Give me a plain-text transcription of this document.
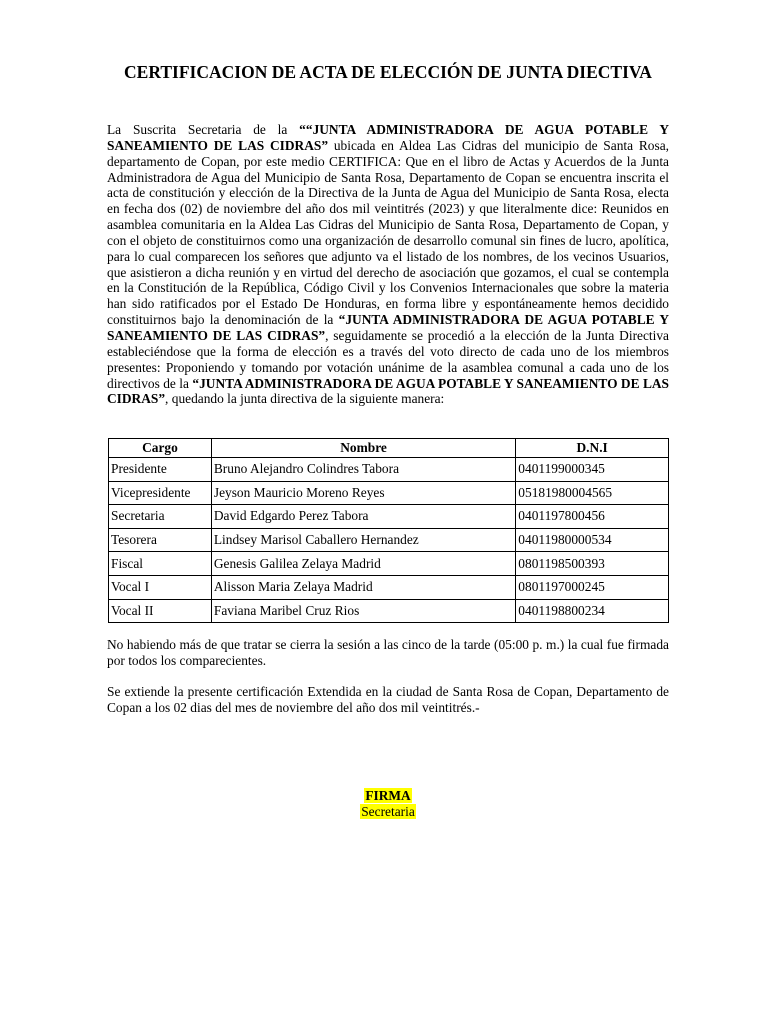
CERTIFICACION DE ACTA DE ELECCIÓN DE JUNTA DIECTIVA

La Suscrita Secretaria de la ““JUNTA ADMINISTRADORA DE AGUA POTABLE Y SANEAMIENTO DE LAS CIDRAS” ubicada en Aldea Las Cidras del municipio de Santa Rosa, departamento de Copan, por este medio CERTIFICA: Que en el libro de Actas y Acuerdos de la Junta Administradora de Agua del Municipio de Santa Rosa, Departamento de Copan se encuentra inscrita el acta de constitución y elección de la Directiva de la Junta de Agua del Municipio de Santa Rosa, electa en fecha dos (02) de noviembre del año dos mil veintitrés (2023) y que literalmente dice: Reunidos en asamblea comunitaria en la Aldea Las Cidras del Municipio de Santa Rosa, Departamento de Copan, y con el objeto de constituirnos como una organización de desarrollo comunal sin fines de lucro, apolítica, para lo cual comparecen los señores que adjunto va el listado de los nombres, de los vecinos Usuarios, que asistieron a dicha reunión y en virtud del derecho de asociación que gozamos, el cual se contempla en la Constitución de la República, Código Civil y los Convenios Internacionales que sobre la materia han sido ratificados por el Estado De Honduras, en forma libre y espontáneamente hemos decidido constituirnos bajo la denominación de la “JUNTA ADMINISTRADORA DE AGUA POTABLE Y SANEAMIENTO DE LAS CIDRAS”, seguidamente se procedió a la elección de la Junta Directiva estableciéndose que la forma de elección es a través del voto directo de cada uno de los miembros presentes: Proponiendo y tomando por votación unánime de la asamblea comunal a cada uno de los directivos de la “JUNTA ADMINISTRADORA DE AGUA POTABLE Y SANEAMIENTO DE LAS CIDRAS”, quedando la junta directiva de la siguiente manera:

Cargo	Nombre	D.N.I
Presidente	Bruno Alejandro Colindres Tabora	0401199000345
Vicepresidente	Jeyson Mauricio Moreno Reyes	05181980004565
Secretaria	David Edgardo Perez Tabora	0401197800456
Tesorera	Lindsey Marisol Caballero Hernandez	04011980000534
Fiscal	Genesis Galilea Zelaya Madrid	0801198500393
Vocal I	Alisson Maria Zelaya Madrid	0801197000245
Vocal II	Faviana Maribel Cruz Rios	0401198800234

No habiendo más de que tratar se cierra la sesión a las cinco de la tarde (05:00 p. m.) la cual fue firmada por todos los comparecientes.

Se extiende la presente certificación Extendida en la ciudad de Santa Rosa de Copan, Departamento de Copan a los 02 dias del mes de noviembre del año dos mil veintitrés.-

FIRMA
Secretaria
